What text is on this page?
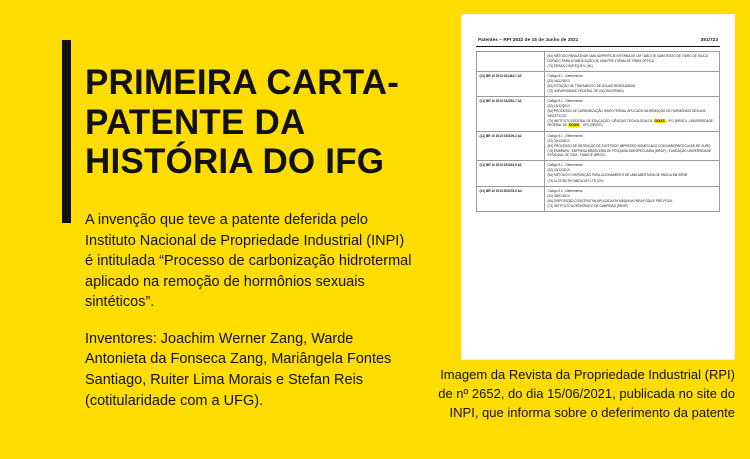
PRIMEIRA CARTA-PATENTE DA HISTÓRIA DO IFG

A invenção que teve a patente deferida pelo Instituto Nacional de Propriedade Industrial (INPI) é intitulada “Processo de carbonização hidrotermal aplicado na remoção de hormônios sexuais sintéticos”.

Inventores: Joachim Werner Zang, Warde Antonieta da Fonseca Zang, Mariângela Fontes Santiago, Ruiter Lima Morais e Stefan Reis (cotitularidade com a UFG).

Patentes – RPI 2632 de 15 de Junho de 2021	391/723

	(54) MÉTODO PARA ATIVAR UMA SUPERFÍCIE INTERNA DE UM TUBO DE SUBSTRATO DE VIDRO DE SÍLICA DOPADO PARA A FABRICAÇÃO DE UMA PRÉ-FORMA DE FIBRA ÓPTICA
(73) DRAKA COMTEQ B.V. (NL)

(21) BR 10 2013 031464-7 A2	Código 9.1 - Deferimento
(22) 06/12/2013
(54) ESTAÇÃO DE TRATAMENTO DE ÁGUAS RESIDUÁRIAS
(73) UNIVERSIDADE FEDERAL DE VIÇOSA (BR/MG)

(21) BR 10 2013 032254-7 A2	Código 9.1 - Deferimento
(22) 16/12/2013
(54) PROCESSO DE CARBONIZAÇÃO HIDROTERMAL APLICADO NA REMOÇÃO DE HORMÔNIOS SEXUAIS SINTÉTICOS
(73) INSTITUTO FEDERAL DE EDUCAÇÃO, CIÊNCIAS TECNOLOGIA DE GOIÁS - IFG (BR/GO) ; UNIVERSIDADE FEDERAL DE GOIÁS - UFG (BR/GO)

(21) BR 10 2013 033109-2 A2	Código 9.1 - Deferimento
(22) 20/12/2013
(54) PROCESSO DE OBTENÇÃO DE ELETRODO IMPRESSO MODIFICADO COM NANOPARTÍCULAS DE OURO
(73) EMBRAPA - EMPRESA BRASILEIRA DE PESQUISA AGROPECUÁRIA (BR/DF) ; FUNDAÇÃO UNIVERSIDADE ESTADUAL DE CIDA - FUNECE (BR/CE)

(21) BR 10 2013 033243-9 A2	Código 9.1 - Deferimento
(22) 23/12/2013
(54) MÉTODO E DISPOSIÇÃO PARA ACIONAMENTO DE UMA ABERTURA DE FAÍSCA EM SÉRIE
(73) ALSTOM TECHNOLOGY LTD (CH)

(21) BR 10 2014 003478-5 A4	Código 9.1 - Deferimento
(22) 08/01/2014
(54) DISPOSIÇÃO CONSTRUTIVA APLICADA EM MÁQUINA PARA PODA E PRÉ-PODA
(73) INSTITUTO AGRONÔMICO DE CAMPINAS (BR/SP)
Imagem da Revista da Propriedade Industrial (RPI) de nº 2652, do dia 15/06/2021, publicada no site do INPI, que informa sobre o deferimento da patente
